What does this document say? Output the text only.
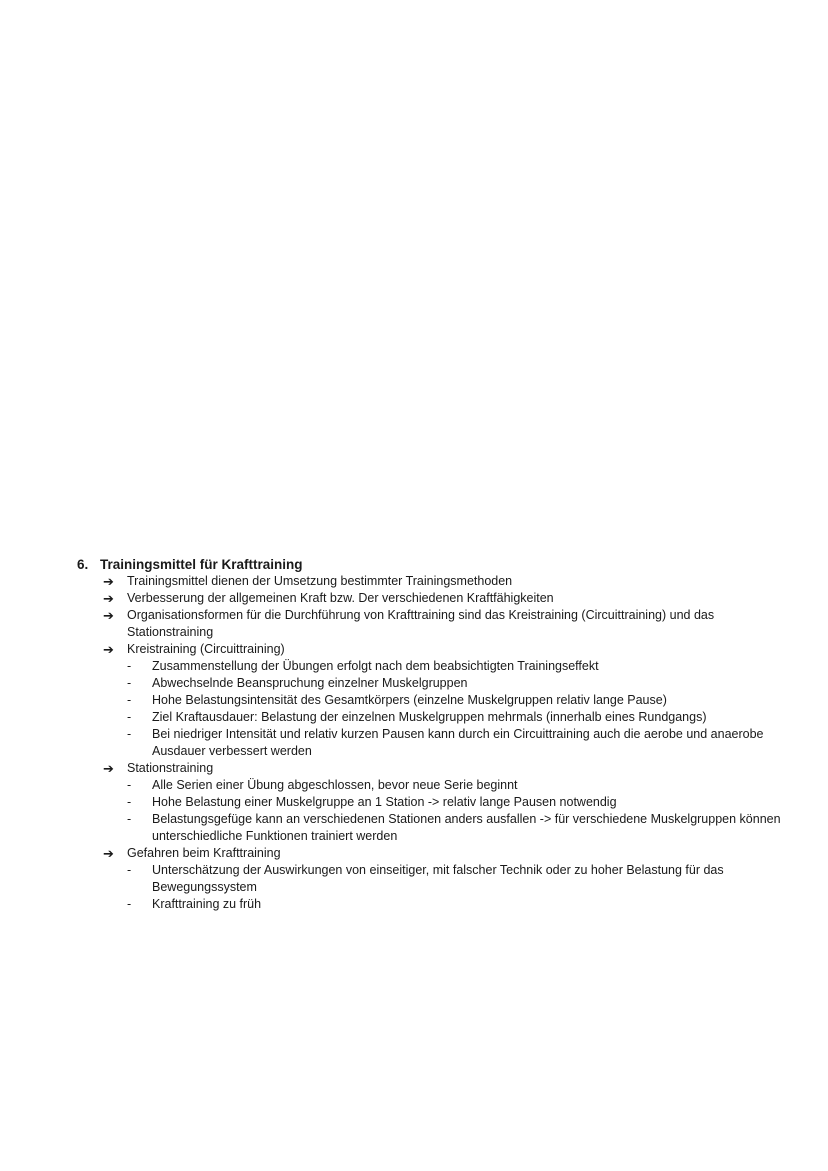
6. Trainingsmittel für Krafttraining
➔	Trainingsmittel dienen der Umsetzung bestimmter Trainingsmethoden
➔	Verbesserung der allgemeinen Kraft bzw. Der verschiedenen Kraftfähigkeiten
➔	Organisationsformen für die Durchführung von Krafttraining sind das Kreistraining (Circuittraining) und das Stationstraining
➔	Kreistraining (Circuittraining)
-	Zusammenstellung der Übungen erfolgt nach dem beabsichtigten Trainingseffekt
-	Abwechselnde Beanspruchung einzelner Muskelgruppen
-	Hohe Belastungsintensität des Gesamtkörpers (einzelne Muskelgruppen relativ lange Pause)
-	Ziel Kraftausdauer: Belastung der einzelnen Muskelgruppen mehrmals (innerhalb eines Rundgangs)
-	Bei niedriger Intensität und relativ kurzen Pausen kann durch ein Circuittraining auch die aerobe und anaerobe Ausdauer verbessert werden
➔	Stationstraining
-	Alle Serien einer Übung abgeschlossen, bevor neue Serie beginnt
-	Hohe Belastung einer Muskelgruppe an 1 Station -> relativ lange Pausen notwendig
-	Belastungsgefüge kann an verschiedenen Stationen anders ausfallen -> für verschiedene Muskelgruppen können unterschiedliche Funktionen trainiert werden
➔	Gefahren beim Krafttraining
-	Unterschätzung der Auswirkungen von einseitiger, mit falscher Technik oder zu hoher Belastung für das Bewegungssystem
-	Krafttraining zu früh
